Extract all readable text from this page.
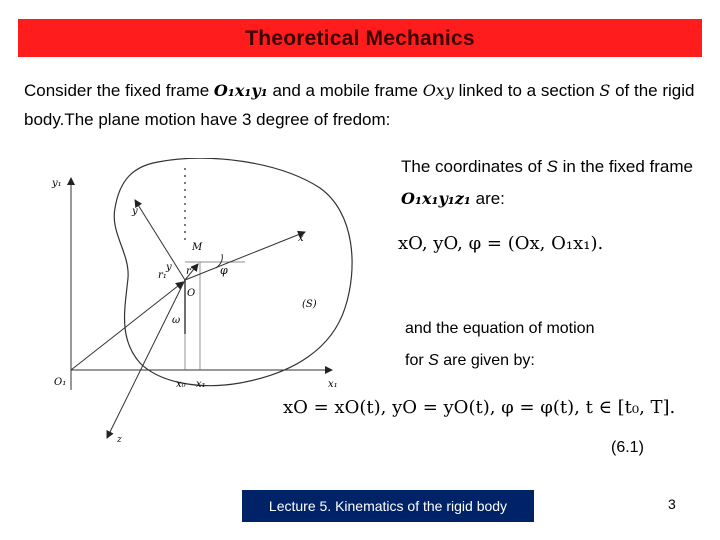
Theoretical Mechanics
Consider the fixed frame O₁x₁y₁ and a mobile frame Oxy linked to a section S of the rigid body.The plane motion have 3 degree of fredom:
The coordinates of S in the fixed frame O₁x₁y₁z₁ are:
xO, yO, φ = (Ox, O₁x₁).
and the equation of motion
for S are given by:
xO = xO(t), yO = yO(t), φ = φ(t), t ∈ [t₀, T].
(6.1)
y₁
y
x
M
r′ φ
y
r₁
O
ω
(S)
O₁	x₀ x₁	x₁
z
Lecture 5. Kinematics of the rigid body	3
